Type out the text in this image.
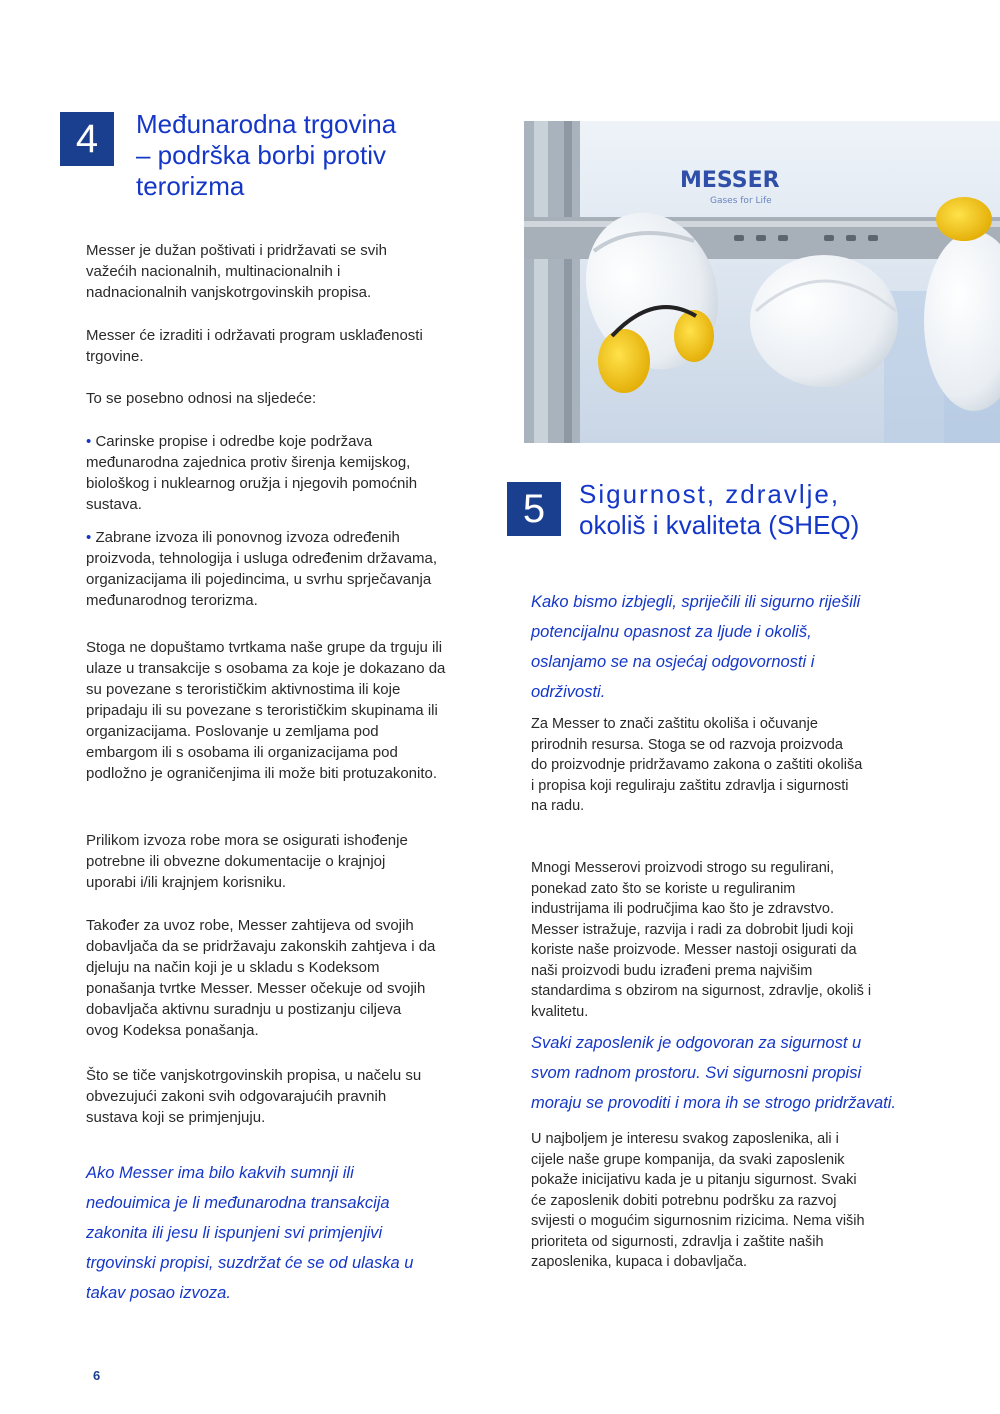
4	Međunarodna trgovina
– podrška borbi protiv
terorizma
Messer je dužan poštivati i pridržavati se svih
važećih nacionalnih, multinacionalnih i
nadnacionalnih vanjskotrgovinskih propisa.
Messer će izraditi i održavati program usklađenosti
trgovine.
To se posebno odnosi na sljedeće:
• Carinske propise i odredbe koje podržava
međunarodna zajednica protiv širenja kemijskog,
biološkog i nuklearnog oružja i njegovih pomoćnih
sustava.
• Zabrane izvoza ili ponovnog izvoza određenih
proizvoda, tehnologija i usluga određenim državama,
organizacijama ili pojedincima, u svrhu sprječavanja
međunarodnog terorizma.
Stoga ne dopuštamo tvrtkama naše grupe da trguju ili
ulaze u transakcije s osobama za koje je dokazano da
su povezane s terorističkim aktivnostima ili koje
pripadaju ili su povezane s terorističkim skupinama ili
organizacijama. Poslovanje u zemljama pod
embargom ili s osobama ili organizacijama pod
podložno je ograničenjima ili može biti protuzakonito.
Prilikom izvoza robe mora se osigurati ishođenje
potrebne ili obvezne dokumentacije o krajnjoj
uporabi i/ili krajnjem korisniku.
Također za uvoz robe, Messer zahtijeva od svojih
dobavljača da se pridržavaju zakonskih zahtjeva i da
djeluju na način koji je u skladu s Kodeksom
ponašanja tvrtke Messer. Messer očekuje od svojih
dobavljača aktivnu suradnju u postizanju ciljeva
ovog Kodeksa ponašanja.
Što se tiče vanjskotrgovinskih propisa, u načelu su
obvezujući zakoni svih odgovarajućih pravnih
sustava koji se primjenjuju.
Ako Messer ima bilo kakvih sumnji ili
nedouimica je li međunarodna transakcija
zakonita ili jesu li ispunjeni svi primjenjivi
trgovinski propisi, suzdržat će se od ulaska u
takav posao izvoza.
MESSER
Gases for Life
5	Sigurnost, zdravlje,
okoliš i kvaliteta (SHEQ)
Kako bismo izbjegli, spriječili ili sigurno riješili
potencijalnu opasnost za ljude i okoliš,
oslanjamo se na osjećaj odgovornosti i
održivosti.
Za Messer to znači zaštitu okoliša i očuvanje
prirodnih resursa. Stoga se od razvoja proizvoda
do proizvodnje pridržavamo zakona o zaštiti okoliša
i propisa koji reguliraju zaštitu zdravlja i sigurnosti
na radu.
Mnogi Messerovi proizvodi strogo su regulirani,
ponekad zato što se koriste u reguliranim
industrijama ili područjima kao što je zdravstvo.
Messer istražuje, razvija i radi za dobrobit ljudi koji
koriste naše proizvode. Messer nastoji osigurati da
naši proizvodi budu izrađeni prema najvišim
standardima s obzirom na sigurnost, zdravlje, okoliš i
kvalitetu.
Svaki zaposlenik je odgovoran za sigurnost u
svom radnom prostoru. Svi sigurnosni propisi
moraju se provoditi i mora ih se strogo pridržavati.
U najboljem je interesu svakog zaposlenika, ali i
cijele naše grupe kompanija, da svaki zaposlenik
pokaže inicijativu kada je u pitanju sigurnost. Svaki
će zaposlenik dobiti potrebnu podršku za razvoj
svijesti o mogućim sigurnosnim rizicima. Nema viših
prioriteta od sigurnosti, zdravlja i zaštite naših
zaposlenika, kupaca i dobavljača.
6
